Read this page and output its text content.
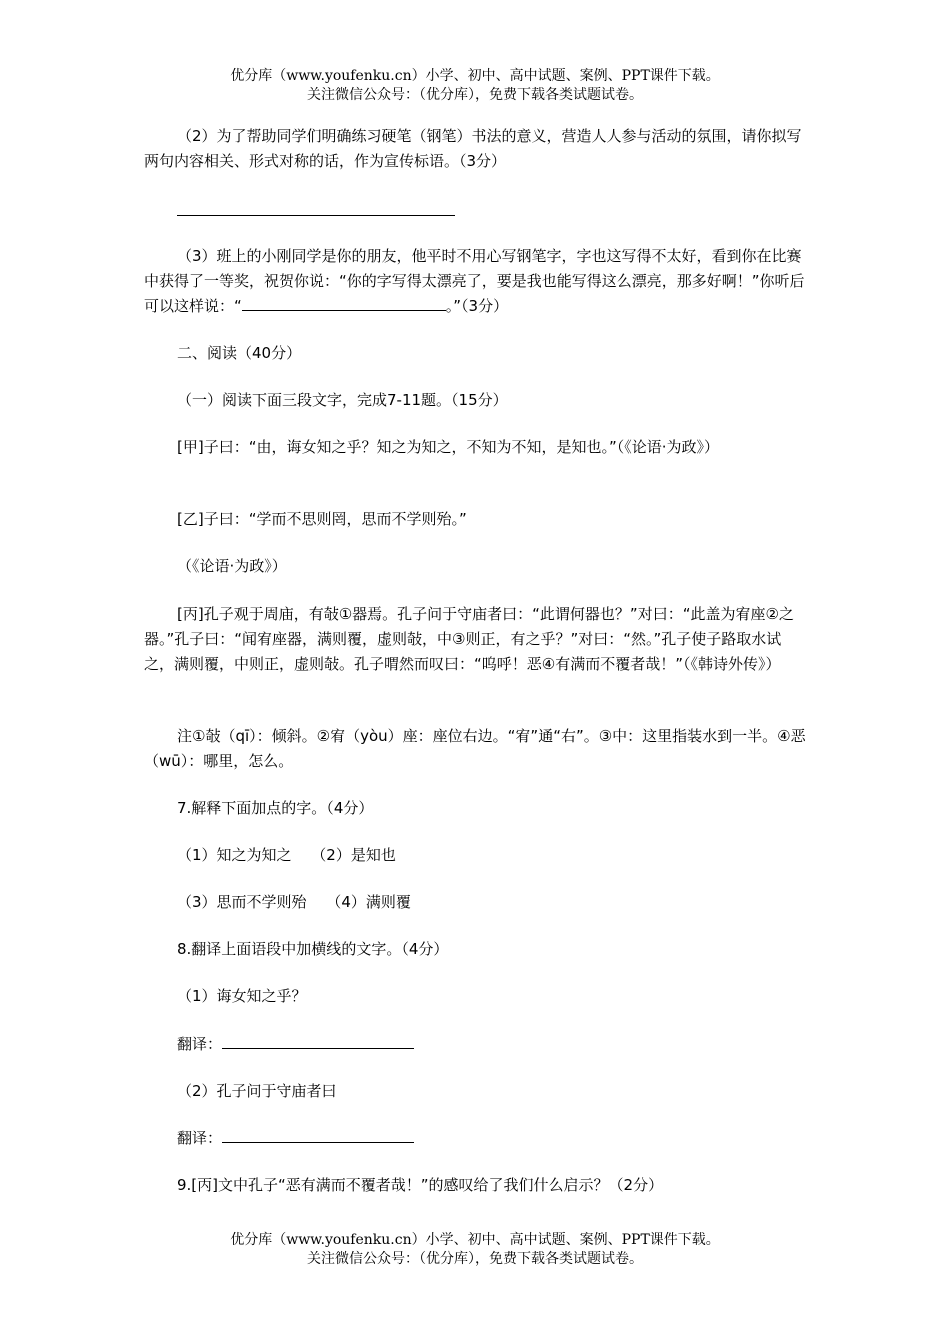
优分库（www.youfenku.cn）小学、初中、高中试题、案例、PPT课件下载。
关注微信公众号：（优分库），免费下载各类试题试卷。
（2）为了帮助同学们明确练习硬笔（钢笔）书法的意义，营造人人参与活动的氛围，请你拟写两句内容相关、形式对称的话，作为宣传标语。（3分）
（3）班上的小刚同学是你的朋友，他平时不用心写钢笔字，字也这写得不太好，看到你在比赛中获得了一等奖，祝贺你说：“你的字写得太漂亮了，要是我也能写得这么漂亮，那多好啊！”你听后可以这样说：“	。”（3分）
二、阅读（40分）
（一）阅读下面三段文字，完成7-11题。（15分）
[甲]子曰：“由，诲女知之乎？知之为知之，不知为不知，是知也。”（《论语·为政》）
[乙]子曰：“学而不思则罔，思而不学则殆。”
（《论语·为政》）
[丙]孔子观于周庙，有敧①器焉。孔子问于守庙者曰：“此谓何器也？”对曰：“此盖为宥座②之器。”孔子曰：“闻宥座器，满则覆，虚则敧，中③则正，有之乎？”对曰：“然。”孔子使子路取水试之，满则覆，中则正，虚则敧。孔子喟然而叹曰：“呜呼！恶④有满而不覆者哉！”（《韩诗外传》）
注①敧（qī）：倾斜。②宥（yòu）座：座位右边。“宥”通“右”。③中：这里指装水到一半。④恶（wū）：哪里，怎么。
7.解释下面加点的字。（4分）
（1）知之为知之　 （2）是知也
（3）思而不学则殆　 （4）满则覆
8.翻译上面语段中加横线的文字。（4分）
（1）诲女知之乎？
翻译：
（2）孔子问于守庙者曰
翻译：
9.[丙]文中孔子“恶有满而不覆者哉！”的感叹给了我们什么启示？（2分）
优分库（www.youfenku.cn）小学、初中、高中试题、案例、PPT课件下载。
关注微信公众号：（优分库），免费下载各类试题试卷。
